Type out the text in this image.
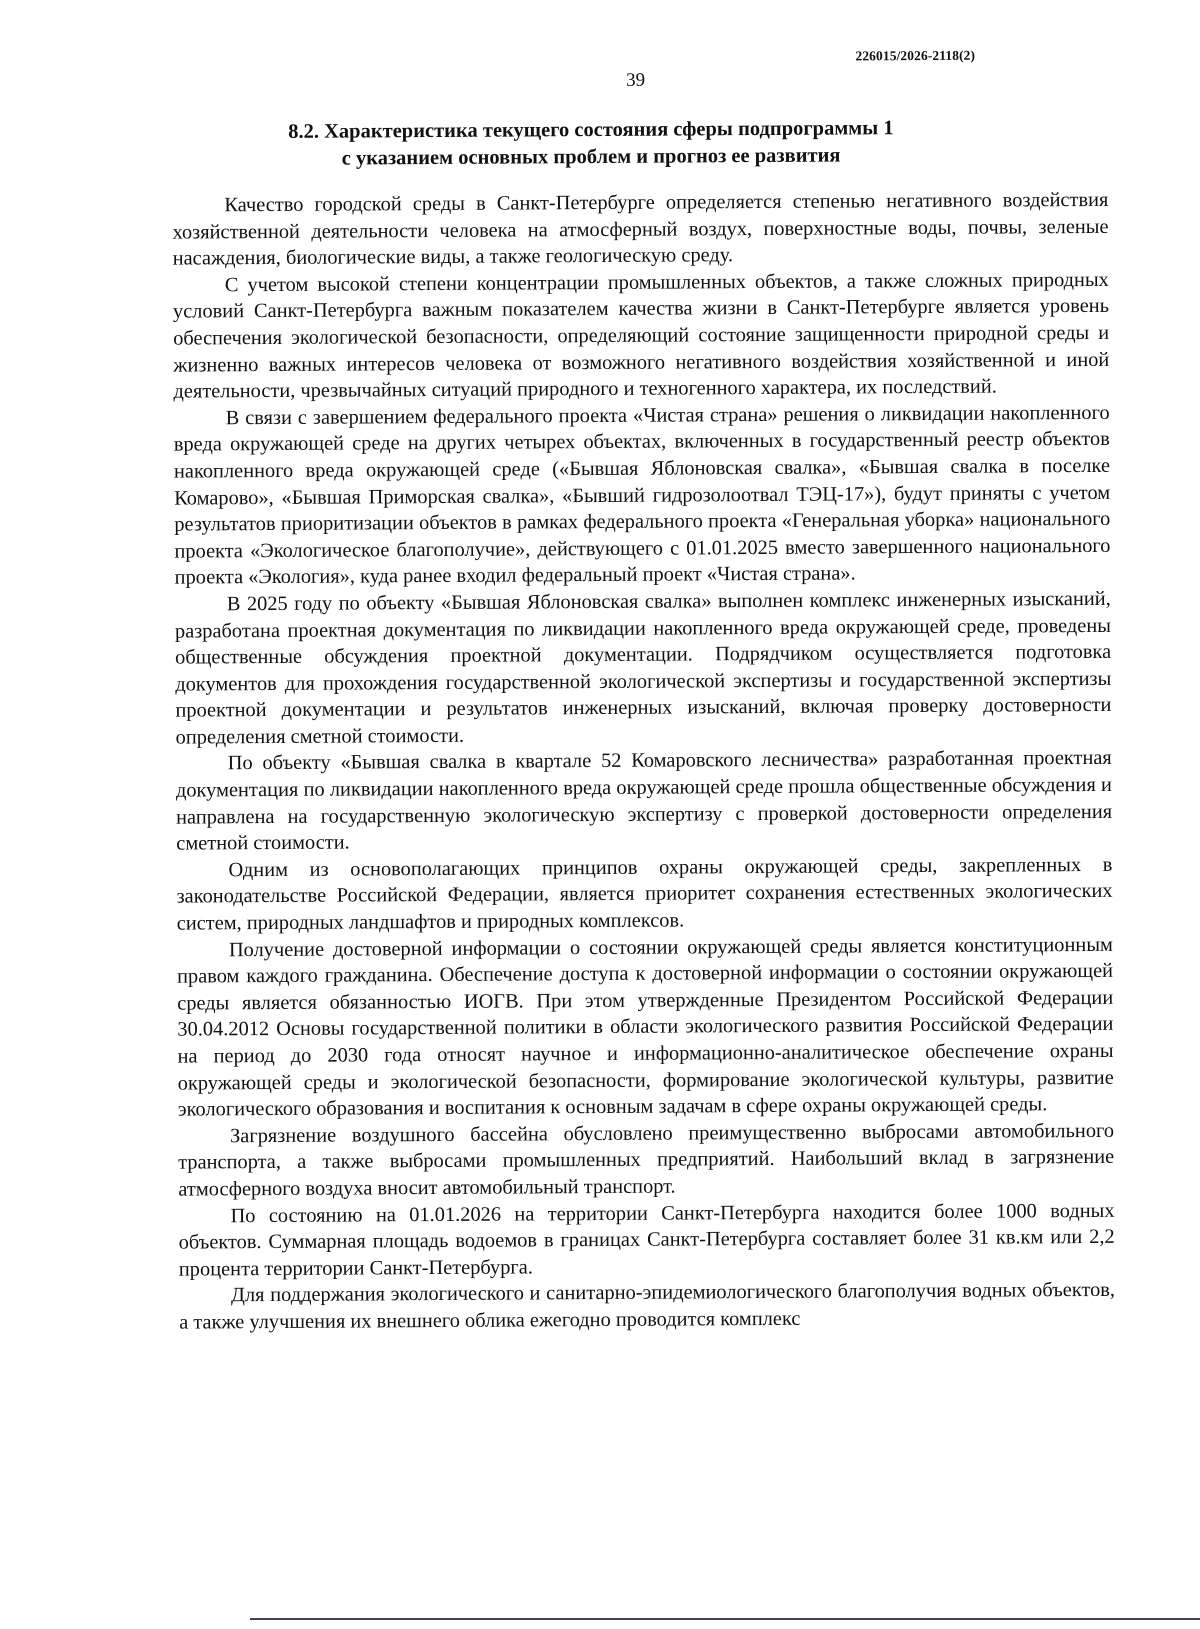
226015/2026-2118(2)
39
8.2. Характеристика текущего состояния сферы подпрограммы 1
с указанием основных проблем и прогноз ее развития

Качество городской среды в Санкт-Петербурге определяется степенью негативного воздействия хозяйственной деятельности человека на атмосферный воздух, поверхностные воды, почвы, зеленые насаждения, биологические виды, а также геологическую среду.

С учетом высокой степени концентрации промышленных объектов, а также сложных природных условий Санкт-Петербурга важным показателем качества жизни в Санкт-Петербурге является уровень обеспечения экологической безопасности, определяющий состояние защищенности природной среды и жизненно важных интересов человека от возможного негативного воздействия хозяйственной и иной деятельности, чрезвычайных ситуаций природного и техногенного характера, их последствий.

В связи с завершением федерального проекта «Чистая страна» решения о ликвидации накопленного вреда окружающей среде на других четырех объектах, включенных в государственный реестр объектов накопленного вреда окружающей среде («Бывшая Яблоновская свалка», «Бывшая свалка в поселке Комарово», «Бывшая Приморская свалка», «Бывший гидрозолоотвал ТЭЦ-17»), будут приняты с учетом результатов приоритизации объектов в рамках федерального проекта «Генеральная уборка» национального проекта «Экологическое благополучие», действующего с 01.01.2025 вместо завершенного национального проекта «Экология», куда ранее входил федеральный проект «Чистая страна».

В 2025 году по объекту «Бывшая Яблоновская свалка» выполнен комплекс инженерных изысканий, разработана проектная документация по ликвидации накопленного вреда окружающей среде, проведены общественные обсуждения проектной документации. Подрядчиком осуществляется подготовка документов для прохождения государственной экологической экспертизы и государственной экспертизы проектной документации и результатов инженерных изысканий, включая проверку достоверности определения сметной стоимости.

По объекту «Бывшая свалка в квартале 52 Комаровского лесничества» разработанная проектная документация по ликвидации накопленного вреда окружающей среде прошла общественные обсуждения и направлена на государственную экологическую экспертизу с проверкой достоверности определения сметной стоимости.

Одним из основополагающих принципов охраны окружающей среды, закрепленных в законодательстве Российской Федерации, является приоритет сохранения естественных экологических систем, природных ландшафтов и природных комплексов.

Получение достоверной информации о состоянии окружающей среды является конституционным правом каждого гражданина. Обеспечение доступа к достоверной информации о состоянии окружающей среды является обязанностью ИОГВ. При этом утвержденные Президентом Российской Федерации 30.04.2012 Основы государственной политики в области экологического развития Российской Федерации на период до 2030 года относят научное и информационно-аналитическое обеспечение охраны окружающей среды и экологической безопасности, формирование экологической культуры, развитие экологического образования и воспитания к основным задачам в сфере охраны окружающей среды.

Загрязнение воздушного бассейна обусловлено преимущественно выбросами автомобильного транспорта, а также выбросами промышленных предприятий. Наибольший вклад в загрязнение атмосферного воздуха вносит автомобильный транспорт.

По состоянию на 01.01.2026 на территории Санкт-Петербурга находится более 1000 водных объектов. Суммарная площадь водоемов в границах Санкт-Петербурга составляет более 31 кв.км или 2,2 процента территории Санкт-Петербурга.

Для поддержания экологического и санитарно-эпидемиологического благополучия водных объектов, а также улучшения их внешнего облика ежегодно проводится комплекс
